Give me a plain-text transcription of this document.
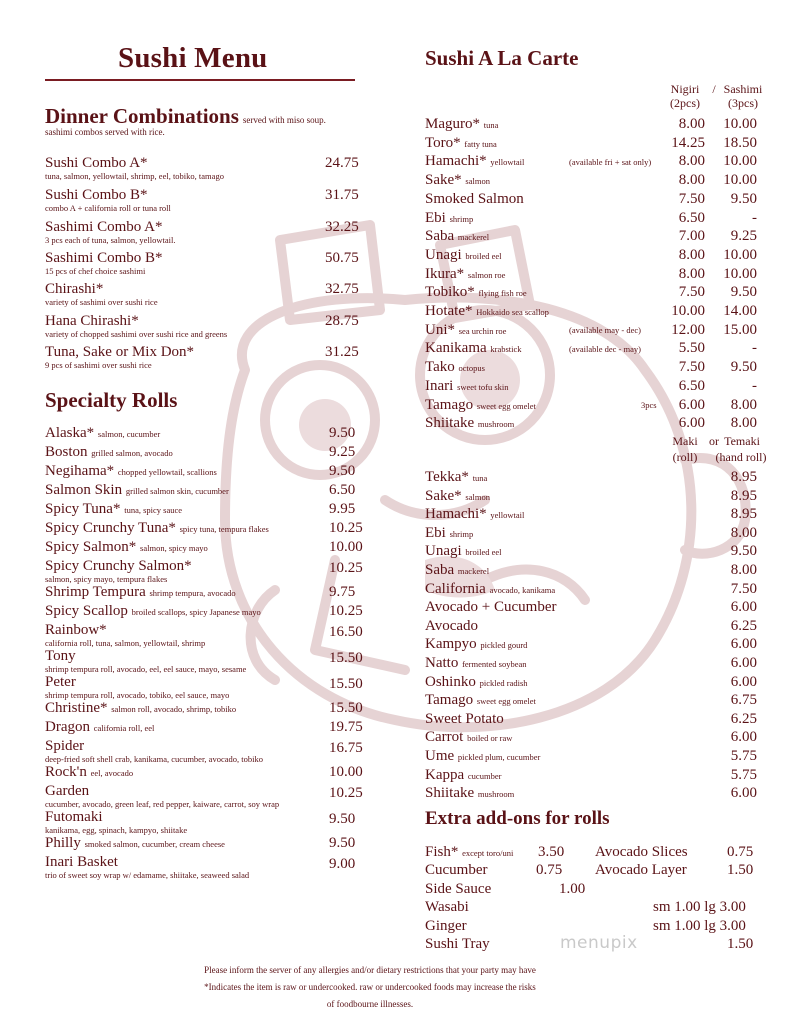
Sushi Menu
Dinner Combinations served with miso soup.
sashimi combos served with rice.
Sushi Combo A*
tuna, salmon, yellowtail, shrimp, eel, tobiko, tamago
24.75
Sushi Combo B*
combo A + california roll or tuna roll
31.75
Sashimi Combo A*
3 pcs each of tuna, salmon, yellowtail.
32.25
Sashimi Combo B*
15 pcs of chef choice sashimi
50.75
Chirashi*
variety of sashimi over sushi rice
32.75
Hana Chirashi*
variety of chopped sashimi over sushi rice and greens
28.75
Tuna, Sake or Mix Don*
9 pcs of sashimi over sushi rice
31.25
Specialty Rolls
Alaska* salmon, cucumber	9.50
Boston grilled salmon, avocado	9.25
Negihama* chopped yellowtail, scallions	9.50
Salmon Skin grilled salmon skin, cucumber	6.50
Spicy Tuna* tuna, spicy sauce	9.95
Spicy Crunchy Tuna* spicy tuna, tempura flakes	10.25
Spicy Salmon* salmon, spicy mayo	10.00
Spicy Crunchy Salmon*
salmon, spicy mayo, tempura flakes
10.25
Shrimp Tempura shrimp tempura, avocado	9.75
Spicy Scallop broiled scallops, spicy Japanese mayo	10.25
Rainbow*
california roll, tuna, salmon, yellowtail, shrimp
16.50
Tony
shrimp tempura roll, avocado, eel, eel sauce, mayo, sesame
15.50
Peter
shrimp tempura roll, avocado, tobiko, eel sauce, mayo
15.50
Christine* salmon roll, avocado, shrimp, tobiko	15.50
Dragon california roll, eel	19.75
Spider
deep-fried soft shell crab, kanikama, cucumber, avocado, tobiko
16.75
Rock'n eel, avocado	10.00
Garden
cucumber, avocado, green leaf, red pepper, kaiware, carrot, soy wrap
10.25
Futomaki
kanikama, egg, spinach, kampyo, shiitake
9.50
Philly smoked salmon, cucumber, cream cheese	9.50
Inari Basket
trio of sweet soy wrap w/ edamame, shiitake, seaweed salad
9.00
Sushi A La Carte
Nigiri	/ Sashimi
(2pcs)	(3pcs)
Maguro* tuna	8.00	10.00
Toro* fatty tuna
(available fri + sat only)
14.25	18.50
Hamachi* yellowtail	8.00	10.00
Sake* salmon	8.00	10.00
Smoked Salmon	7.50	9.50
Ebi shrimp	6.50	-
Saba mackerel	7.00	9.25
Unagi broiled eel	8.00	10.00
Ikura* salmon roe	8.00	10.00
Tobiko* flying fish roe	7.50	9.50
Hotate* Hokkaido sea scallop
(available may - dec)
10.00	14.00
Uni* sea urchin roe
(available dec - may)
12.00	15.00
Kanikama krabstick	5.50	-
Tako octopus	7.50	9.50
Inari sweet tofu skin
3pcs
6.50	-
Tamago sweet egg omelet	6.00	8.00
Shiitake mushroom	6.00	8.00
Maki or Temaki
(roll)	(hand roll)
Tekka* tuna	8.95
Sake* salmon	8.95
Hamachi* yellowtail	8.95
Ebi shrimp	8.00
Unagi broiled eel	9.50
Saba mackerel	8.00
California avocado, kanikama	7.50
Avocado + Cucumber	6.00
Avocado	6.25
Kampyo pickled gourd	6.00
Natto fermented soybean	6.00
Oshinko pickled radish	6.00
Tamago sweet egg omelet	6.75
Sweet Potato	6.25
Carrot boiled or raw	6.00
Ume pickled plum, cucumber	5.75
Kappa cucumber	5.75
Shiitake mushroom	6.00
Extra add-ons for rolls
Fish* except toro/uni 3.50 Avocado Slices	0.75
Cucumber	0.75 Avocado Layer	1.50
Side Sauce	1.00
Wasabi	sm 1.00 lg 3.00
Ginger	sm 1.00 lg 3.00
Sushi Tray	1.50
menupix
Please inform the server of any allergies and/or dietary restrictions that your party may have
*Indicates the item is raw or undercooked. raw or undercooked foods may increase the risks
of foodbourne illnesses.
